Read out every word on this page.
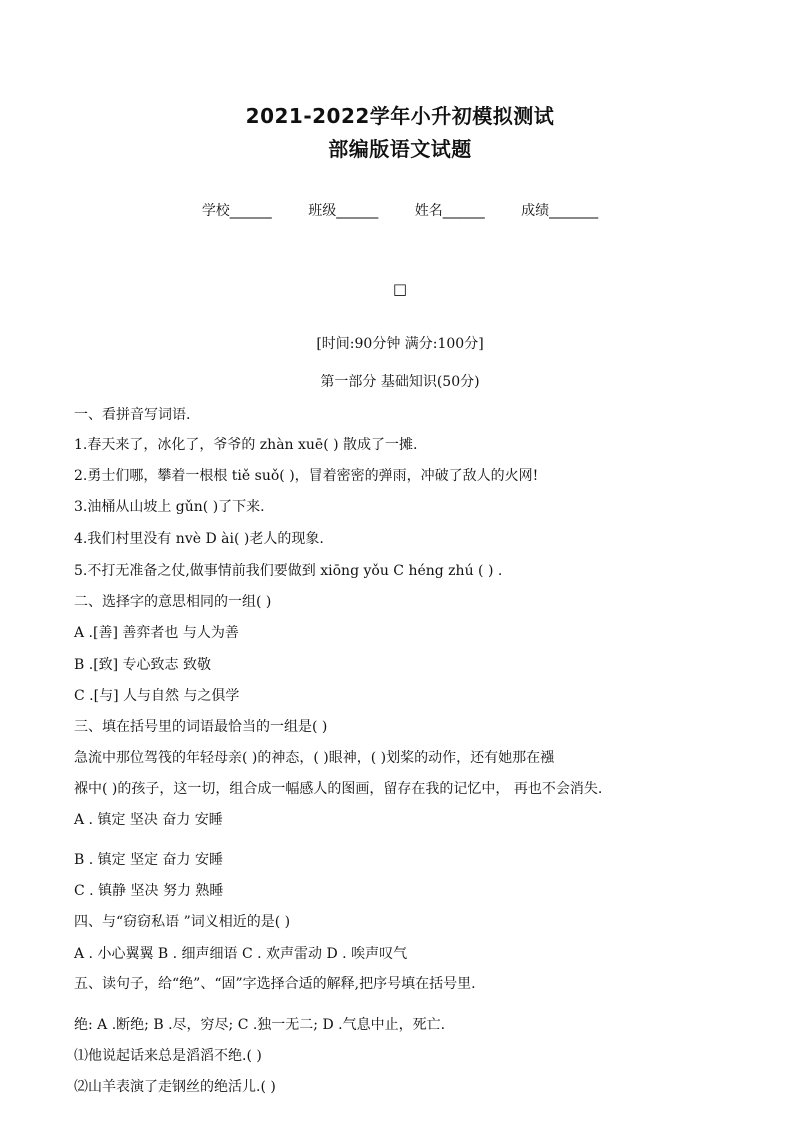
2021-2022学年小升初模拟测试
部编版语文试题
学校______	班级______	姓名______	成绩_______
□
[时间:90分钟 满分:100分]
第一部分 基础知识(50分)
一、看拼音写词语.
1.春天来了，冰化了，爷爷的 zhàn xuē( ) 散成了一摊.
2.勇士们哪，攀着一根根 tiě suǒ( )，冒着密密的弹雨，冲破了敌人的火网!
3.油桶从山坡上 gǔn( )了下来.
4.我们村里没有 nvè D ài( )老人的现象.
5.不打无准备之仗,做事情前我们要做到 xiōng yǒu C héng zhú ( ) .
二、选择字的意思相同的一组( )
A .[善] 善弈者也 与人为善
B .[致] 专心致志 致敬
C .[与] 人与自然 与之俱学
三、填在括号里的词语最恰当的一组是( )
急流中那位驾筏的年轻母亲( )的神态，( )眼神，( )划桨的动作，还有她那在襁
褓中( )的孩子，这一切，组合成一幅感人的图画，留存在我的记忆中， 再也不会消失.
A . 镇定 坚决 奋力 安睡
B . 镇定 坚定 奋力 安睡
C . 镇静 坚决 努力 熟睡
四、与“窃窃私语 ”词义相近的是( )
A . 小心翼翼 B . 细声细语 C . 欢声雷动 D . 唉声叹气
五、读句子，给“绝”、“固”字选择合适的解释,把序号填在括号里.
绝: A .断绝; B .尽，穷尽; C .独一无二; D .气息中止，死亡.
⑴他说起话来总是滔滔不绝.( )
⑵山羊表演了走钢丝的绝活儿.( )
